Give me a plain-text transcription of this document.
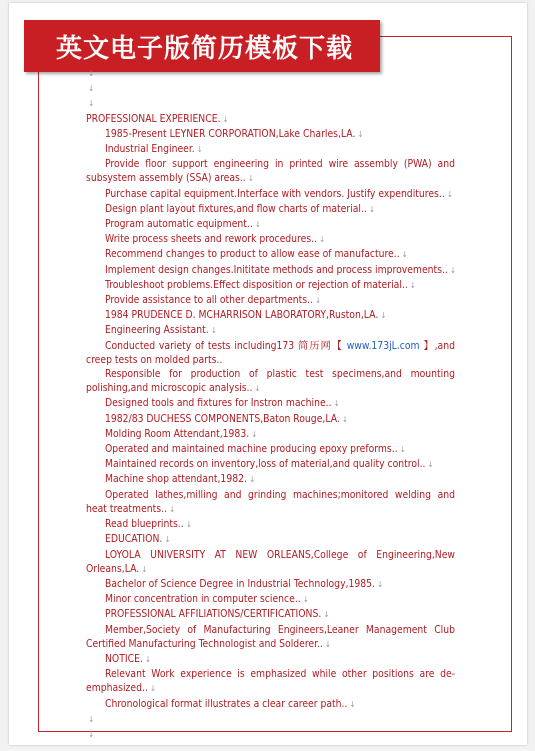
英文电子版简历模板下载

↓

↓

↓

PROFESSIONAL EXPERIENCE. ↓

1985-Present LEYNER CORPORATION,Lake Charles,LA. ↓

Industrial Engineer. ↓

Provide floor support engineering in printed wire assembly (PWA) and subsystem assembly (SSA) areas.. ↓

Purchase capital equipment.Interface with vendors. Justify expenditures.. ↓

Design plant layout fixtures,and flow charts of material.. ↓

Program automatic equipment.. ↓

Write process sheets and rework procedures.. ↓

Recommend changes to product to allow ease of manufacture.. ↓

Implement design changes.Inititate methods and process improvements.. ↓

Troubleshoot problems.Effect disposition or rejection of material.. ↓

Provide assistance to all other departments.. ↓

1984 PRUDENCE D. MCHARRISON LABORATORY,Ruston,LA. ↓

Engineering Assistant. ↓

Conducted variety of tests including173 简历网【 www.173jL.com 】,and creep tests on molded parts..

Responsible for production of plastic test specimens,and mounting polishing,and microscopic analysis.. ↓

Designed tools and fixtures for Instron machine.. ↓

1982/83 DUCHESS COMPONENTS,Baton Rouge,LA. ↓

Molding Room Attendant,1983. ↓

Operated and maintained machine producing epoxy preforms.. ↓

Maintained records on inventory,loss of material,and quality control.. ↓

Machine shop attendant,1982. ↓

Operated lathes,milling and grinding machines;monitored welding and heat treatments.. ↓

Read blueprints.. ↓

EDUCATION. ↓

LOYOLA UNIVERSITY AT NEW ORLEANS,College of Engineering,New Orleans,LA. ↓

Bachelor of Science Degree in Industrial Technology,1985. ↓

Minor concentration in computer science.. ↓

PROFESSIONAL AFFILIATIONS/CERTIFICATIONS. ↓

Member,Society of Manufacturing Engineers,Leaner Management Club Certified Manufacturing Technologist and Solderer.. ↓

NOTICE. ↓

Relevant Work experience is emphasized while other positions are de-emphasized.. ↓

Chronological format illustrates a clear career path.. ↓

↓

↓
